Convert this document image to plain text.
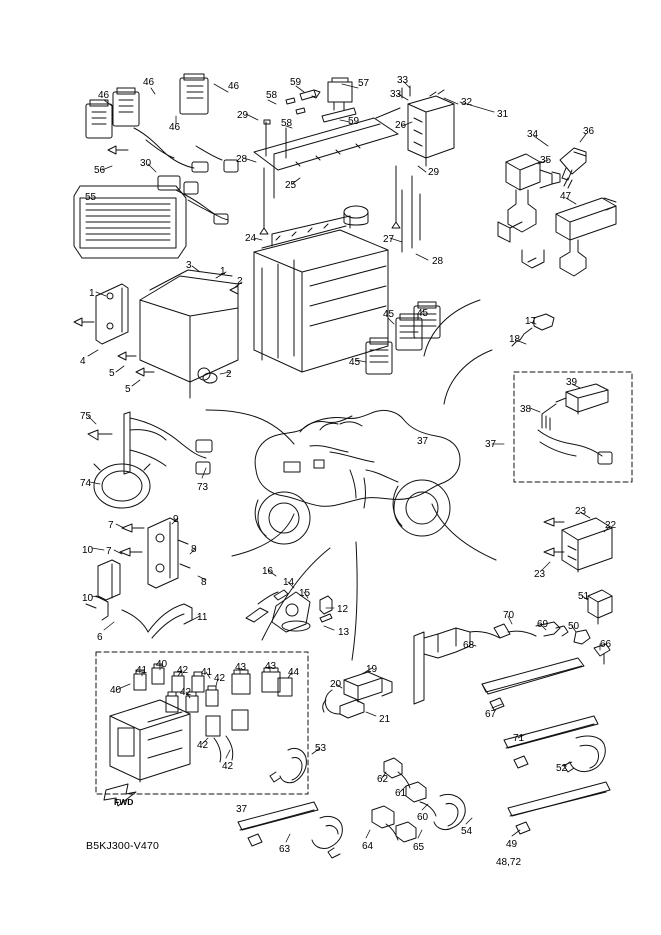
46
46	46
46
58
58
59
59
57	33
33
32
31
26
29
29
28
28
25
24	27
34	36
35
47
55
56
30
3
1
2
2
1
4
5
5
45
45
45
17
18
39
38
37
37
75
74	73
7
9
7
10	8
8
10
6
11
16
14
15
12
13
23
22
23
51
70
69 50
68	66
67
71
52
19
20
21
41
40
42 41 43 43
44
40	42
42
42
42
37
53
62
61
60
54
49
48,72
63	64	65
B5KJ300-V470
FWD
